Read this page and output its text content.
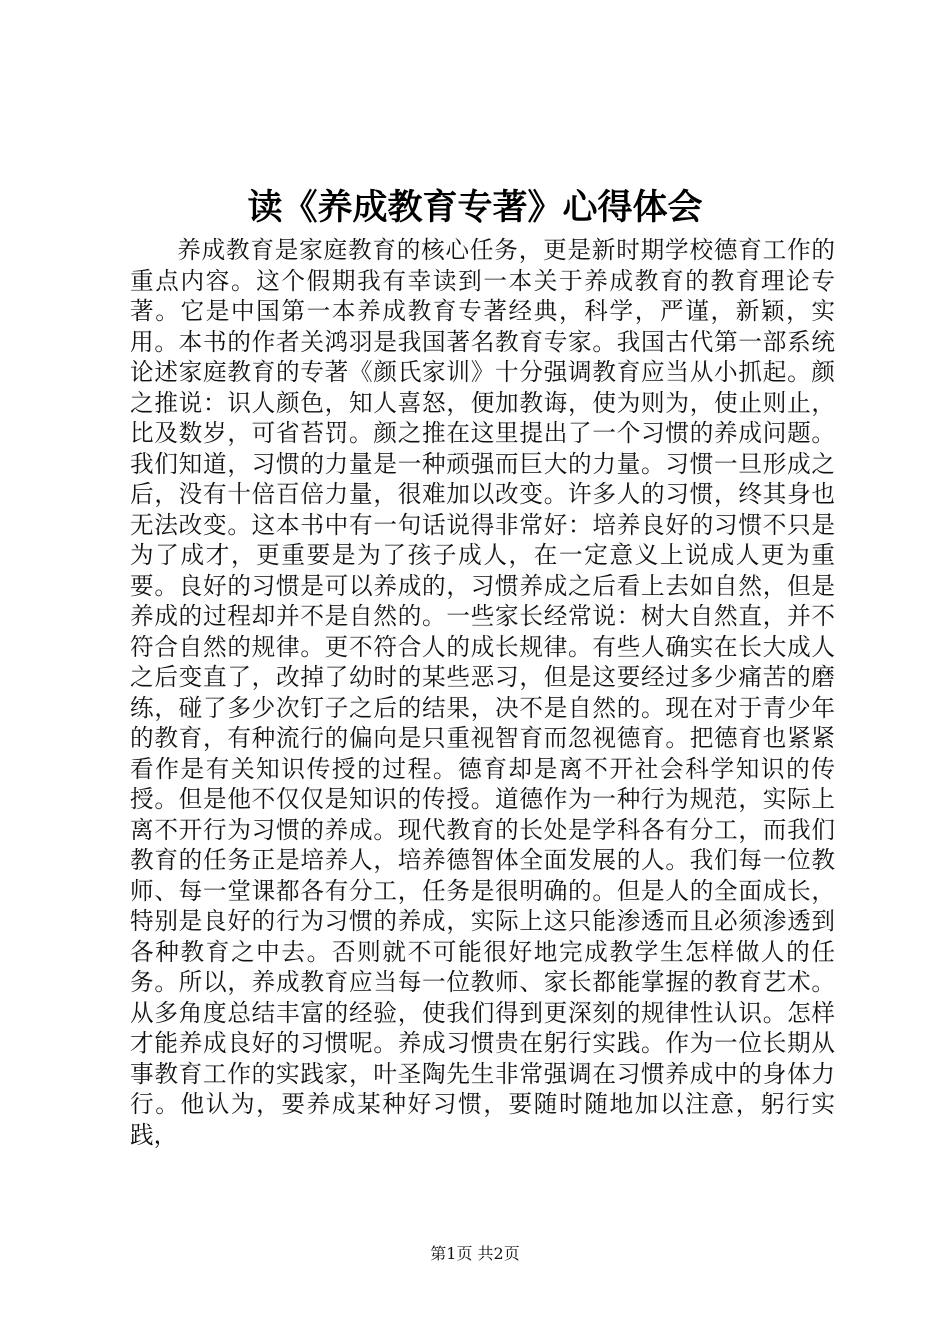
读《养成教育专著》心得体会

养成教育是家庭教育的核心任务，更是新时期学校德育工作的重点内容。这个假期我有幸读到一本关于养成教育的教育理论专著。它是中国第一本养成教育专著经典，科学，严谨，新颖，实用。本书的作者关鸿羽是我国著名教育专家。我国古代第一部系统论述家庭教育的专著《颜氏家训》十分强调教育应当从小抓起。颜之推说：识人颜色，知人喜怒，便加教诲，使为则为，使止则止，比及数岁，可省苔罚。颜之推在这里提出了一个习惯的养成问题。我们知道，习惯的力量是一种顽强而巨大的力量。习惯一旦形成之后，没有十倍百倍力量，很难加以改变。许多人的习惯，终其身也无法改变。这本书中有一句话说得非常好：培养良好的习惯不只是为了成才，更重要是为了孩子成人，在一定意义上说成人更为重要。良好的习惯是可以养成的，习惯养成之后看上去如自然，但是养成的过程却并不是自然的。一些家长经常说：树大自然直，并不符合自然的规律。更不符合人的成长规律。有些人确实在长大成人之后变直了，改掉了幼时的某些恶习，但是这要经过多少痛苦的磨练，碰了多少次钉子之后的结果，决不是自然的。现在对于青少年的教育，有种流行的偏向是只重视智育而忽视德育。把德育也紧紧看作是有关知识传授的过程。德育却是离不开社会科学知识的传授。但是他不仅仅是知识的传授。道德作为一种行为规范，实际上离不开行为习惯的养成。现代教育的长处是学科各有分工，而我们教育的任务正是培养人，培养德智体全面发展的人。我们每一位教师、每一堂课都各有分工，任务是很明确的。但是人的全面成长，特别是良好的行为习惯的养成，实际上这只能渗透而且必须渗透到各种教育之中去。否则就不可能很好地完成教学生怎样做人的任务。所以，养成教育应当每一位教师、家长都能掌握的教育艺术。从多角度总结丰富的经验，使我们得到更深刻的规律性认识。怎样才能养成良好的习惯呢。养成习惯贵在躬行实践。作为一位长期从事教育工作的实践家，叶圣陶先生非常强调在习惯养成中的身体力行。他认为，要养成某种好习惯，要随时随地加以注意，躬行实践，

第1页 共2页
